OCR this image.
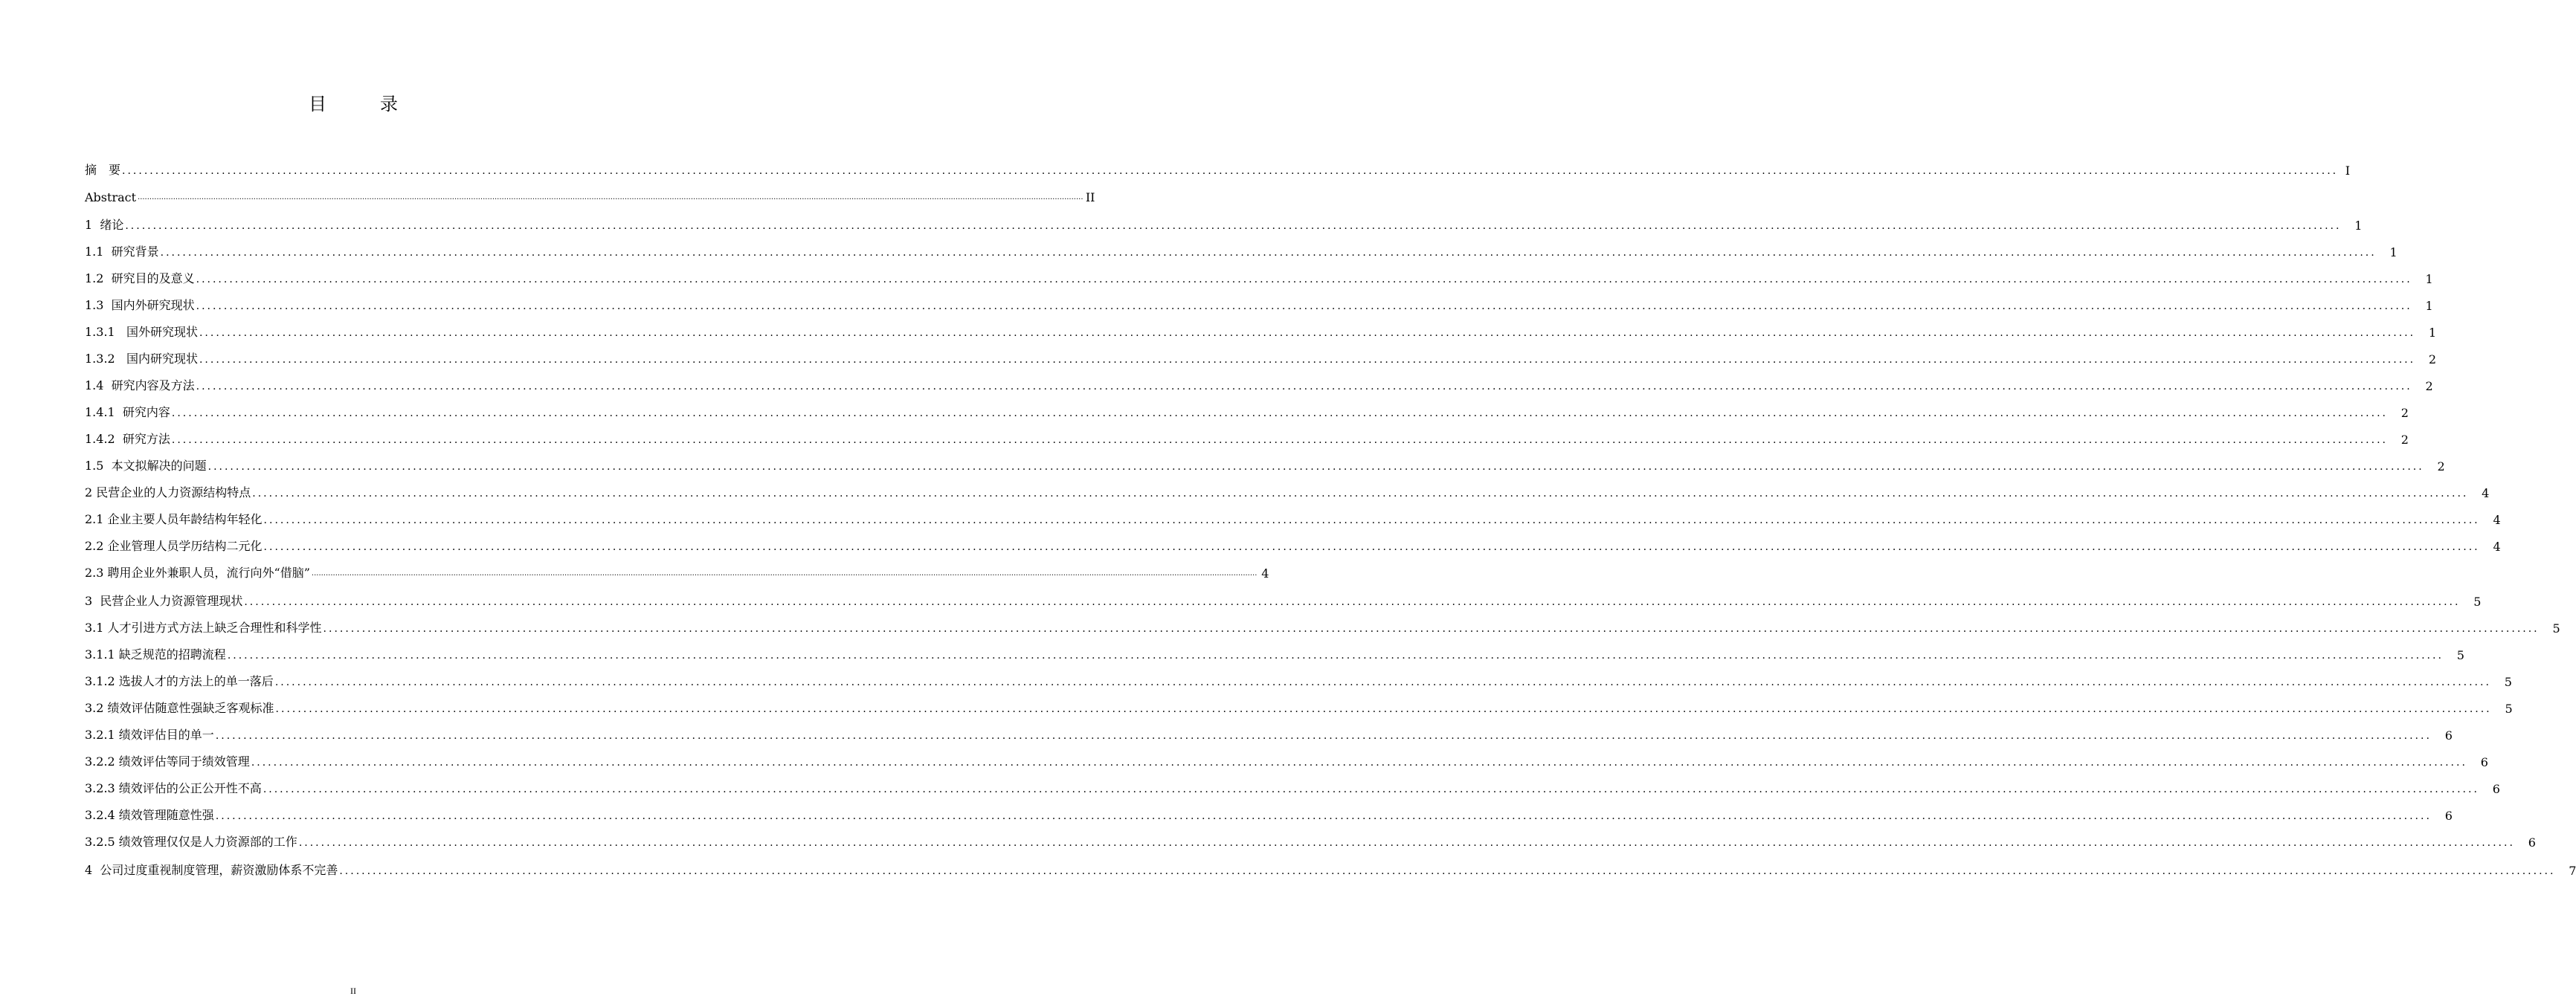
目　录
摘　要 ................................................................................................................................................................................................................................................................................................................................................................................................................ I
Abstract ................................................................................................................................................................................................................................................................................................................................................................................................................ II
1  绪论 ................................................................................................................................................................................................................................................................................................................................................................................................................	1
1.1  研究背景 ................................................................................................................................................................................................................................................................................................................................................................................................................	1
1.2  研究目的及意义 ................................................................................................................................................................................................................................................................................................................................................................................................................	1
1.3  国内外研究现状 ................................................................................................................................................................................................................................................................................................................................................................................................................	1
1.3.1   国外研究现状 ................................................................................................................................................................................................................................................................................................................................................................................................................	1
1.3.2   国内研究现状 ................................................................................................................................................................................................................................................................................................................................................................................................................	2
1.4  研究内容及方法 ................................................................................................................................................................................................................................................................................................................................................................................................................	2
1.4.1  研究内容 ................................................................................................................................................................................................................................................................................................................................................................................................................	2
1.4.2  研究方法 ................................................................................................................................................................................................................................................................................................................................................................................................................	2
1.5  本文拟解决的问题 ................................................................................................................................................................................................................................................................................................................................................................................................................	2
2 民营企业的人力资源结构特点 ................................................................................................................................................................................................................................................................................................................................................................................................................	4
2.1 企业主要人员年龄结构年轻化 ................................................................................................................................................................................................................................................................................................................................................................................................................	4
2.2 企业管理人员学历结构二元化 ................................................................................................................................................................................................................................................................................................................................................................................................................	4
2.3 聘用企业外兼职人员，流行向外“借脑” ................................................................................................................................................................................................................................................................................................................................................................................................................ 4
3  民营企业人力资源管理现状 ................................................................................................................................................................................................................................................................................................................................................................................................................	5
3.1 人才引进方式方法上缺乏合理性和科学性 ................................................................................................................................................................................................................................................................................................................................................................................................................	5
3.1.1 缺乏规范的招聘流程 ................................................................................................................................................................................................................................................................................................................................................................................................................	5
3.1.2 选拔人才的方法上的单一落后 ................................................................................................................................................................................................................................................................................................................................................................................................................	5
3.2 绩效评估随意性强缺乏客观标准 ................................................................................................................................................................................................................................................................................................................................................................................................................	5
3.2.1 绩效评估目的单一 ................................................................................................................................................................................................................................................................................................................................................................................................................	6
3.2.2 绩效评估等同于绩效管理 ................................................................................................................................................................................................................................................................................................................................................................................................................	6
3.2.3 绩效评估的公正公开性不高 ................................................................................................................................................................................................................................................................................................................................................................................................................	6
3.2.4 绩效管理随意性强 ................................................................................................................................................................................................................................................................................................................................................................................................................	6
3.2.5 绩效管理仅仅是人力资源部的工作 ................................................................................................................................................................................................................................................................................................................................................................................................................	6
4  公司过度重视制度管理，薪资激励体系不完善 ................................................................................................................................................................................................................................................................................................................................................................................................................	7
II
